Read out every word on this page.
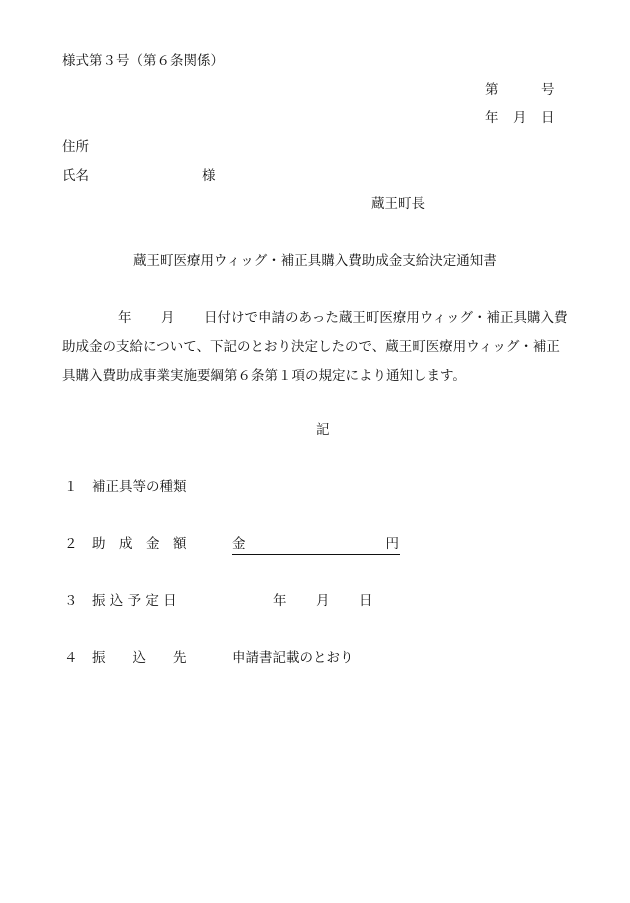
様式第３号（第６条関係）
第	号
年 月 日
住所
氏名	様
蔵王町長
蔵王町医療用ウィッグ・補正具購入費助成金支給決定通知書
年 月 日付けで申請のあった蔵王町医療用ウィッグ・補正具購入費
助成金の支給について、下記のとおり決定したので、蔵王町医療用ウィッグ・補正
具購入費助成事業実施要綱第６条第１項の規定により通知します。
記
１ 補正具等の種類
２ 助　成　金　額	金	円
３ 振 込 予 定 日	年 月 日
４ 振　　込　　先	申請書記載のとおり
